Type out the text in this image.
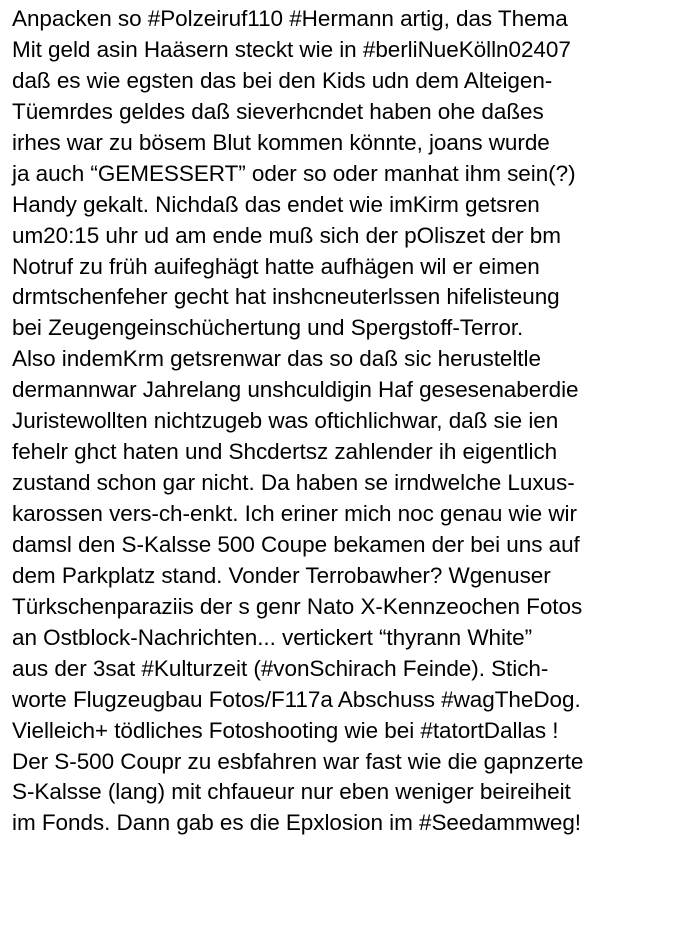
Anpacken so #Polzeiruf110 #Hermann artig, das Thema
Mit geld asin Haäsern steckt wie in #berliNueKölln02407
daß es wie egsten das bei den Kids udn dem Alteigen-
Tüemrdes geldes daß sieverhcndet haben ohe daßes
irhes war zu bösem Blut kommen könnte, joans wurde
ja auch “GEMESSERT” oder so oder manhat ihm sein(?)
Handy gekalt. Nichdaß das endet wie imKirm getsren
um20:15 uhr ud am ende muß sich der pOliszet der bm
Notruf zu früh auifeghägt hatte aufhägen wil er eimen
drmtschenfeher gecht hat inshcneuterlssen hifelisteung
bei Zeugengeinschüchertung und Spergstoff-Terror.
Also indemKrm getsrenwar das so daß sic herusteltle
dermannwar Jahrelang unshculdigin Haf gesesenaberdie
Juristewollten nichtzugeb was oftichlichwar, daß sie ien
fehelr ghct haten und Shcdertsz zahlender ih eigentlich
zustand schon gar nicht. Da haben se irndwelche Luxus-
karossen vers-ch-enkt. Ich eriner mich noc genau wie wir
damsl den S-Kalsse 500 Coupe bekamen der bei uns auf
dem Parkplatz stand. Vonder Terrobawher? Wgenuser
Türkschenparaziis der s genr Nato X-Kennzeochen Fotos
an Ostblock-Nachrichten... vertickert “thyrann White”
aus der 3sat #Kulturzeit (#vonSchirach Feinde). Stich-
worte Flugzeugbau Fotos/F117a Abschuss #wagTheDog.
Vielleich+ tödliches Fotoshooting wie bei #tatortDallas !
Der S-500 Coupr zu esbfahren war fast wie die gapnzerte
S-Kalsse (lang) mit chfaueur nur eben weniger beireiheit
im Fonds. Dann gab es die Epxlosion im #Seedammweg!
